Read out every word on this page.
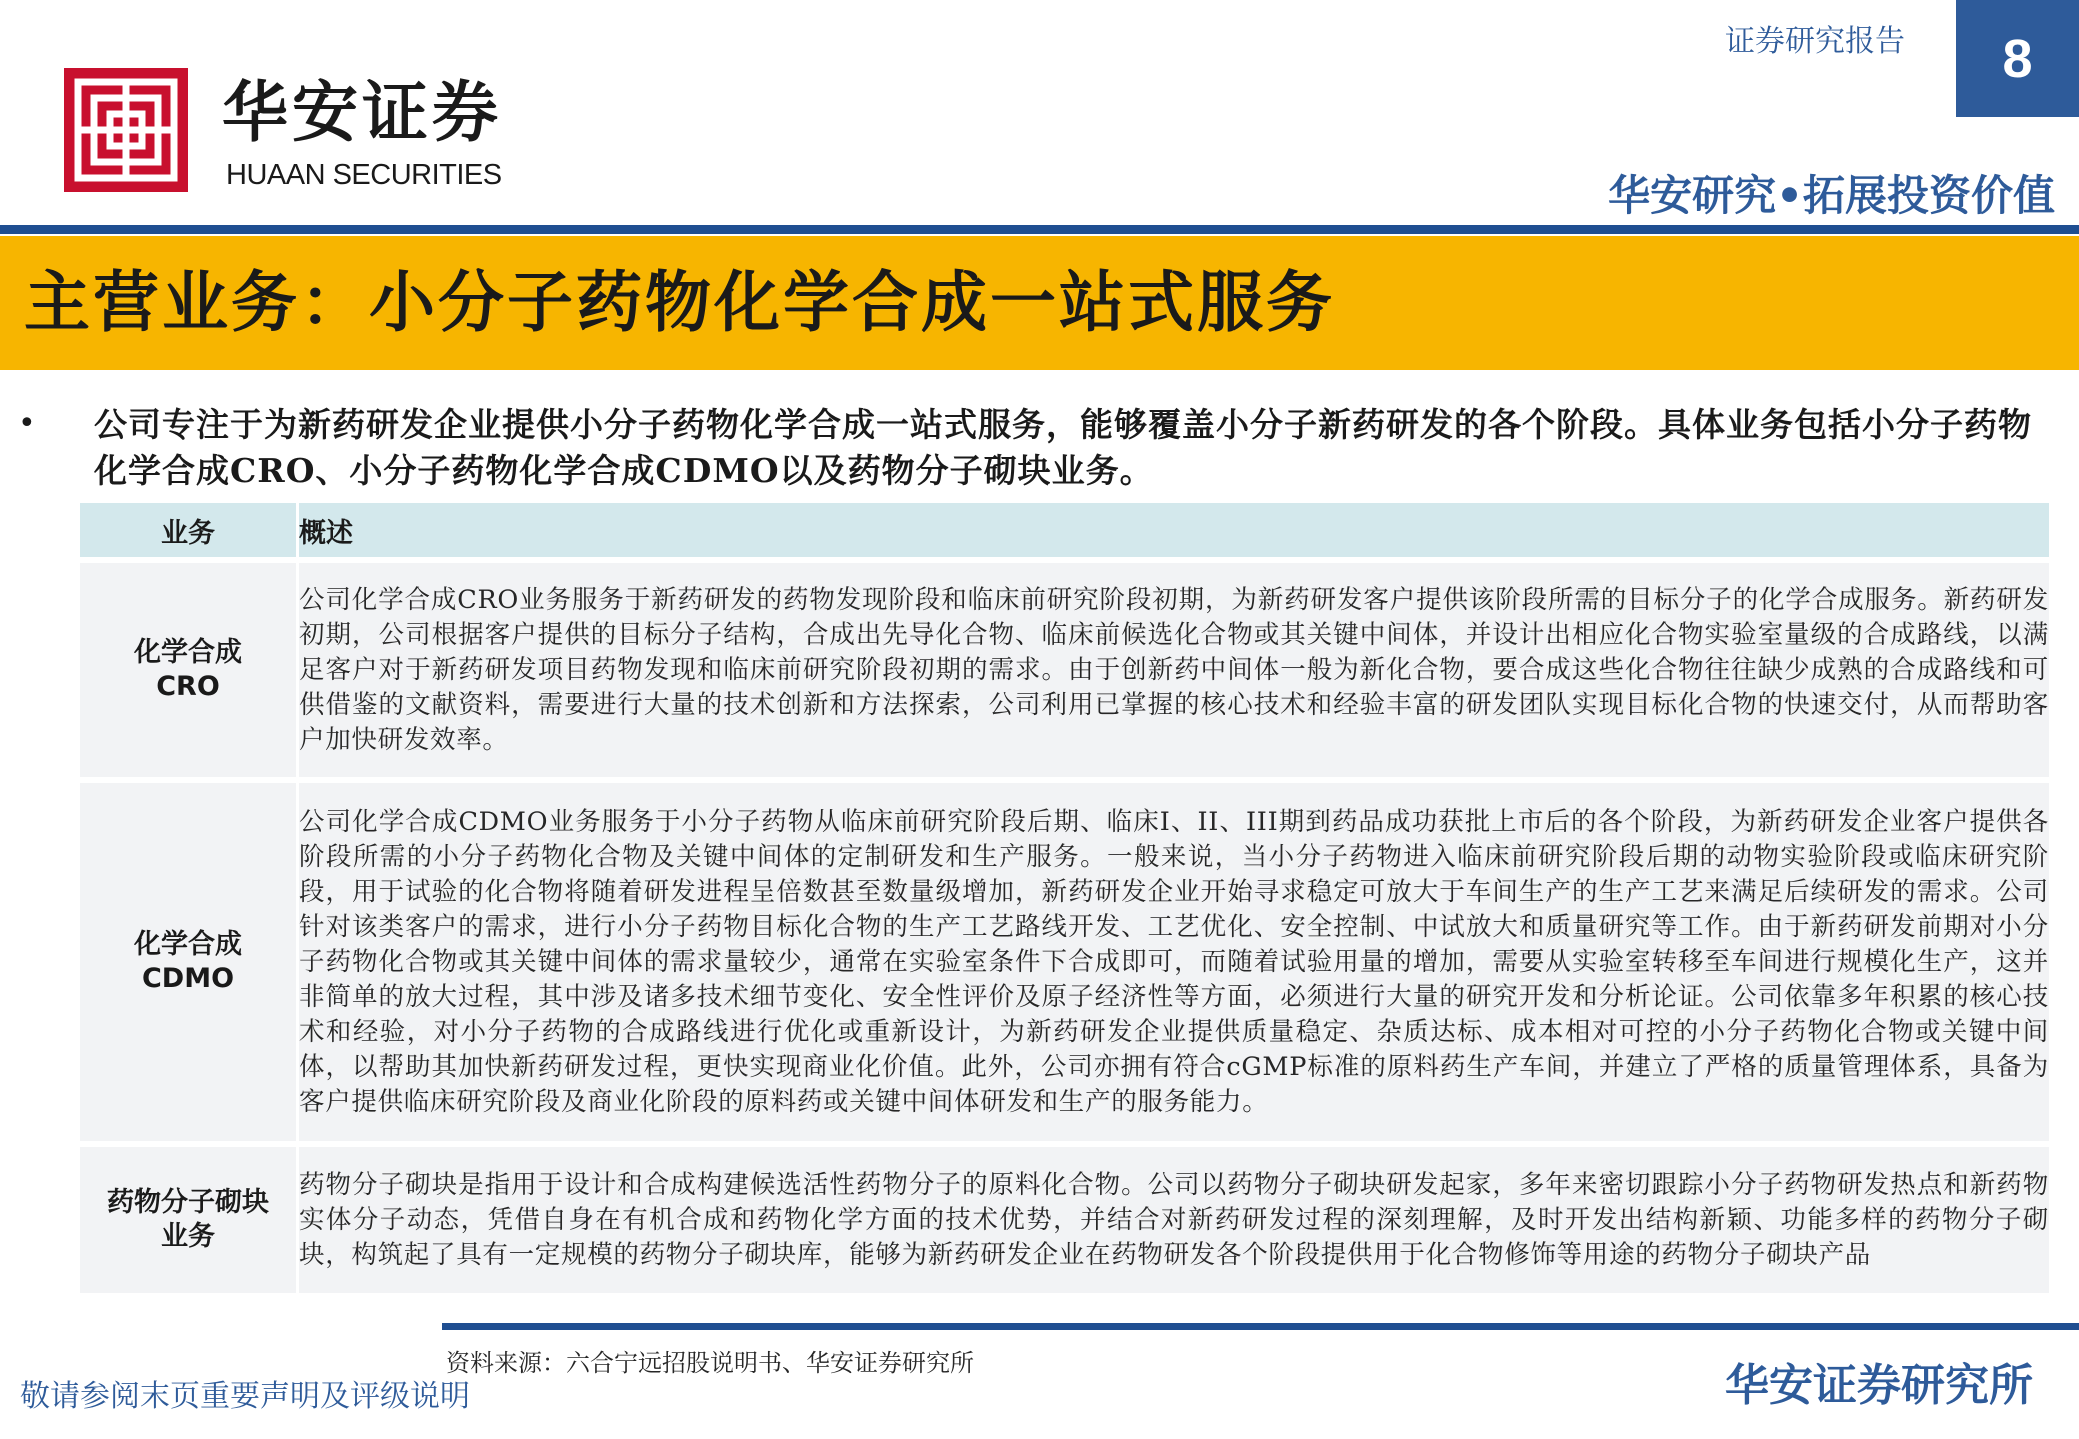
华安证券
HUAAN SECURITIES
证券研究报告	8
华安研究•拓展投资价值
主营业务：小分子药物化学合成一站式服务
• 公司专注于为新药研发企业提供小分子药物化学合成一站式服务，能够覆盖小分子新药研发的各个阶段。具体业务包括小分子药物化学合成CRO、小分子药物化学合成CDMO以及药物分子砌块业务。
业务	概述

化学合成
CRO	公司化学合成CRO业务服务于新药研发的药物发现阶段和临床前研究阶段初期，为新药研发客户提供该阶段所需的目标分子的化学合成服务。新药研发初期，公司根据客户提供的目标分子结构，合成出先导化合物、临床前候选化合物或其关键中间体，并设计出相应化合物实验室量级的合成路线，以满足客户对于新药研发项目药物发现和临床前研究阶段初期的需求。由于创新药中间体一般为新化合物，要合成这些化合物往往缺少成熟的合成路线和可供借鉴的文献资料，需要进行大量的技术创新和方法探索，公司利用已掌握的核心技术和经验丰富的研发团队实现目标化合物的快速交付，从而帮助客户加快研发效率。

化学合成
CDMO	公司化学合成CDMO业务服务于小分子药物从临床前研究阶段后期、临床I、II、III期到药品成功获批上市后的各个阶段，为新药研发企业客户提供各阶段所需的小分子药物化合物及关键中间体的定制研发和生产服务。一般来说，当小分子药物进入临床前研究阶段后期的动物实验阶段或临床研究阶段，用于试验的化合物将随着研发进程呈倍数甚至数量级增加，新药研发企业开始寻求稳定可放大于车间生产的生产工艺来满足后续研发的需求。公司针对该类客户的需求，进行小分子药物目标化合物的生产工艺路线开发、工艺优化、安全控制、中试放大和质量研究等工作。由于新药研发前期对小分子药物化合物或其关键中间体的需求量较少，通常在实验室条件下合成即可，而随着试验用量的增加，需要从实验室转移至车间进行规模化生产，这并非简单的放大过程，其中涉及诸多技术细节变化、安全性评价及原子经济性等方面，必须进行大量的研究开发和分析论证。公司依靠多年积累的核心技术和经验，对小分子药物的合成路线进行优化或重新设计，为新药研发企业提供质量稳定、杂质达标、成本相对可控的小分子药物化合物或关键中间体，以帮助其加快新药研发过程，更快实现商业化价值。此外，公司亦拥有符合cGMP标准的原料药生产车间，并建立了严格的质量管理体系，具备为客户提供临床研究阶段及商业化阶段的原料药或关键中间体研发和生产的服务能力。

药物分子砌块
业务	药物分子砌块是指用于设计和合成构建候选活性药物分子的原料化合物。公司以药物分子砌块研发起家，多年来密切跟踪小分子药物研发热点和新药物实体分子动态，凭借自身在有机合成和药物化学方面的技术优势，并结合对新药研发过程的深刻理解，及时开发出结构新颖、功能多样的药物分子砌块，构筑起了具有一定规模的药物分子砌块库，能够为新药研发企业在药物研发各个阶段提供用于化合物修饰等用途的药物分子砌块产品
资料来源：六合宁远招股说明书、华安证券研究所
敬请参阅末页重要声明及评级说明	华安证券研究所
